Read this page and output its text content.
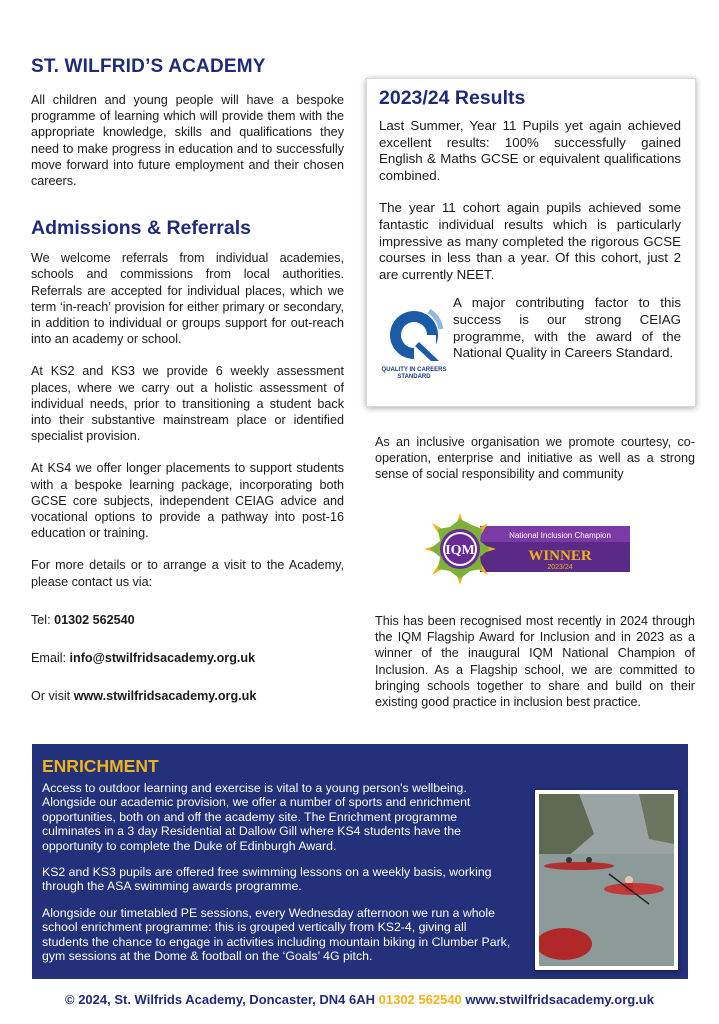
ST. WILFRID’S ACADEMY

All children and young people will have a bespoke programme of learning which will provide them with the appropriate knowledge, skills and qualifications they need to make progress in education and to successfully move forward into future employment and their chosen careers.

Admissions & Referrals

We welcome referrals from individual academies, schools and commissions from local authorities. Referrals are accepted for individual places, which we term ‘in-reach’ provision for either primary or secondary, in addition to individual or groups support for out-reach into an academy or school.

At KS2 and KS3 we provide 6 weekly assessment places, where we carry out a holistic assessment of individual needs, prior to transitioning a student back into their substantive mainstream place or identified specialist provision.

At KS4 we offer longer placements to support students with a bespoke learning package, incorporating both GCSE core subjects, independent CEIAG advice and vocational options to provide a pathway into post-16 education or training.

For more details or to arrange a visit to the Academy, please contact us via:

Tel: 01302 562540

Email: info@stwilfridsacademy.org.uk

Or visit www.stwilfridsacademy.org.uk

2023/24 Results

Last Summer, Year 11 Pupils yet again achieved excellent results: 100% successfully gained English & Maths GCSE or equivalent qualifications combined.

The year 11 cohort again pupils achieved some fantastic individual results which is particularly impressive as many completed the rigorous GCSE courses in less than a year. Of this cohort, just 2 are currently NEET.

QUALITY IN CAREERS
STANDARD

A major contributing factor to this success is our strong CEIAG programme, with the award of the National Quality in Careers Standard.

As an inclusive organisation we promote courtesy, co-operation, enterprise and initiative as well as a strong sense of social responsibility and community

IQM
National Inclusion Champion
WINNER
2023/24

This has been recognised most recently in 2024 through the IQM Flagship Award for Inclusion and in 2023 as a winner of the inaugural IQM National Champion of Inclusion. As a Flagship school, we are committed to bringing schools together to share and build on their existing good practice in inclusion best practice.

ENRICHMENT

Access to outdoor learning and exercise is vital to a young person's wellbeing. Alongside our academic provision, we offer a number of sports and enrichment opportunities, both on and off the academy site. The Enrichment programme culminates in a 3 day Residential at Dallow Gill where KS4 students have the opportunity to complete the Duke of Edinburgh Award.

KS2 and KS3 pupils are offered free swimming lessons on a weekly basis, working through the ASA swimming awards programme.

Alongside our timetabled PE sessions, every Wednesday afternoon we run a whole school enrichment programme: this is grouped vertically from KS2-4, giving all students the chance to engage in activities including mountain biking in Clumber Park, gym sessions at the Dome & football on the ‘Goals’ 4G pitch.

© 2024, St. Wilfrids Academy, Doncaster, DN4 6AH 01302 562540 www.stwilfridsacademy.org.uk
